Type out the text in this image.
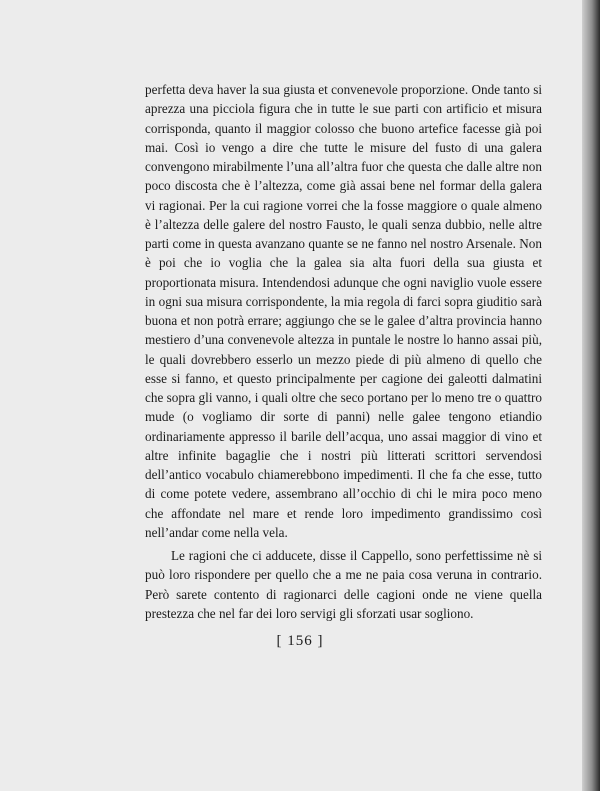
perfetta deva haver la sua giusta et convenevole proporzione. Onde tanto si aprezza una picciola figura che in tutte le sue parti con artificio et misura corrisponda, quanto il maggior colosso che buono artefice facesse già poi mai. Così io vengo a dire che tutte le misure del fusto di una galera convengono mirabilmente l’una all’altra fuor che questa che dalle altre non poco discosta che è l’altezza, come già assai bene nel formar della galera vi ragionai. Per la cui ragione vorrei che la fosse maggiore o quale almeno è l’altezza delle galere del nostro Fausto, le quali senza dubbio, nelle altre parti come in questa avanzano quante se ne fanno nel nostro Arsenale. Non è poi che io voglia che la galea sia alta fuori della sua giusta et proportionata misura. Intendendosi adunque che ogni naviglio vuole essere in ogni sua misura corrispondente, la mia regola di farci sopra giuditio sarà buona et non potrà errare; aggiungo che se le galee d’altra provincia hanno mestiero d’una convenevole altezza in puntale le nostre lo hanno assai più, le quali dovrebbero esserlo un mezzo piede di più almeno di quello che esse si fanno, et questo principalmente per cagione dei galeotti dalmatini che sopra gli vanno, i quali oltre che seco portano per lo meno tre o quattro mude (o vogliamo dir sorte di panni) nelle galee tengono etiandio ordinariamente appresso il barile dell’acqua, uno assai maggior di vino et altre infinite bagaglie che i nostri più litterati scrittori servendosi dell’antico vocabulo chiamerebbono impedimenti. Il che fa che esse, tutto di come potete vedere, assembrano all’occhio di chi le mira poco meno che affondate nel mare et rende loro impedimento grandissimo così nell’andar come nella vela.

Le ragioni che ci adducete, disse il Cappello, sono perfettissime nè si può loro rispondere per quello che a me ne paia cosa veruna in contrario. Però sarete contento di ragionarci delle cagioni onde ne viene quella prestezza che nel far dei loro servigi gli sforzati usar sogliono.

[ 156 ]
